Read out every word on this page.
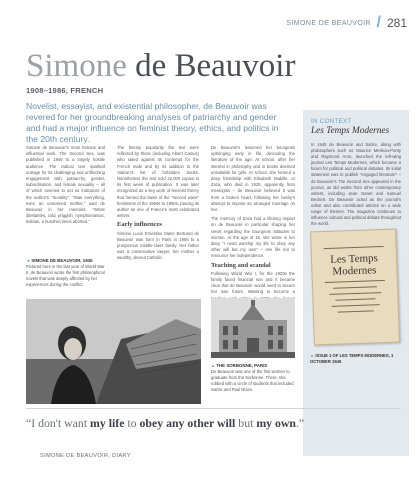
SIMONE DE BEAUVOIR / 281
Simone de Beauvoir
1908–1986, FRENCH
Novelist, essayist, and existential philosopher, de Beauvoir was revered for her groundbreaking analyses of patriarchy and gender and had a major influence on feminist theory, ethics, and politics in the 20th century.
Simone de Beauvoir's most famous and influential work, The Second Sex, was published in 1949 to a largely hostile audience. The radical text sparked outrage for its challenging and unflinching engagement with patriarchy, gender, subordination, and female sexuality – all of which seemed to act as indicators of the author's "morality". "Was everything, even an unmarried mother," said de Beauvoir in her memoirs. "Wrote dilettantes, cold, priggish, nymphomaniac, lesbian, a hundred times aborted."
◄ SIMONE DE BEAUVOIR, 1945
Pictured here in the last year of World War II, de Beauvoir wrote the first philosophical novels that was deeply affected by her experiences during the conflict.
The literary popularity the text were reflected by those (including Albert Camus) who railed against its contempt for the French male and by its addition to the Vatican's list of forbidden books. Nonetheless the text sold 22,000 copies in its first week of publication. It was later recognized as a key work of feminist theory that formed the basis of the "second wave" feminisms of the 1960s to 1980s, placing its author as one of France's most celebrated writers.
Early influences
Simone Lucie Ernestine Marie Bertrand de Beauvoir was born in Paris in 1908 to a prosperous middle-class family. Her father was a conservative lawyer, her mother a wealthy, devout Catholic.
De Beauvoir's lessened her bourgeois upbringing early in life, devouring the literature of the age. At school, after her interest in philosophy and in books deemed unsuitable for girls. At school, she formed a deep friendship with Elisabeth Mabille, or Zaza, who died in 1929, apparently from meningitis – de Beauvoir believed it was from a broken heart, following her family's attempt to impose an arranged marriage on her.
The memory of Zaza had a lifelong impact on de Beauvoir in particular shaping her views regarding the bourgeois attitudes to women. At the age of 19, she wrote in her diary "I need worship my life to obey any other will but my own" – one life not to renounce her independence.
Teaching and scandal
Following World War I, for the 1920s the family faced financial ruin and it became clear that de Beauvoir would need to secure her own future. Wanting to become a
▲ THE SORBONNE, PARIS
De Beauvoir was one of the first women to graduate from the Sorbonne. There, she rubbed with a circle of students that included Sartre and Paul Nizan.
IN CONTEXT
Les Temps Modernes
In 1945 de Beauvoir and Sartre, along with philosophers such as Maurice Merleau-Ponty and Raymond Aron, launched the left-wing journal Les Temps Modernes, which became a forum for political and political debates. Its initial statement was to publish "engaged literature" – de Beauvoir's The Second Sex appeared in the journal, as did works from other contemporary writers, including Jean Genet and Samuel Beckett. De Beauvoir acted as the journal's editor and also contributed articles on a wide range of themes. The magazine continues to influence cultural and political debate throughout the world.
Les Temps Modernes
▲ ISSUE 1 OF LES TEMPS MODERNES, 1 OCTOBER 1945
“I don't want my life to obey any other will but my own.”
SIMONE DE BEAUVOIR, DIARY
